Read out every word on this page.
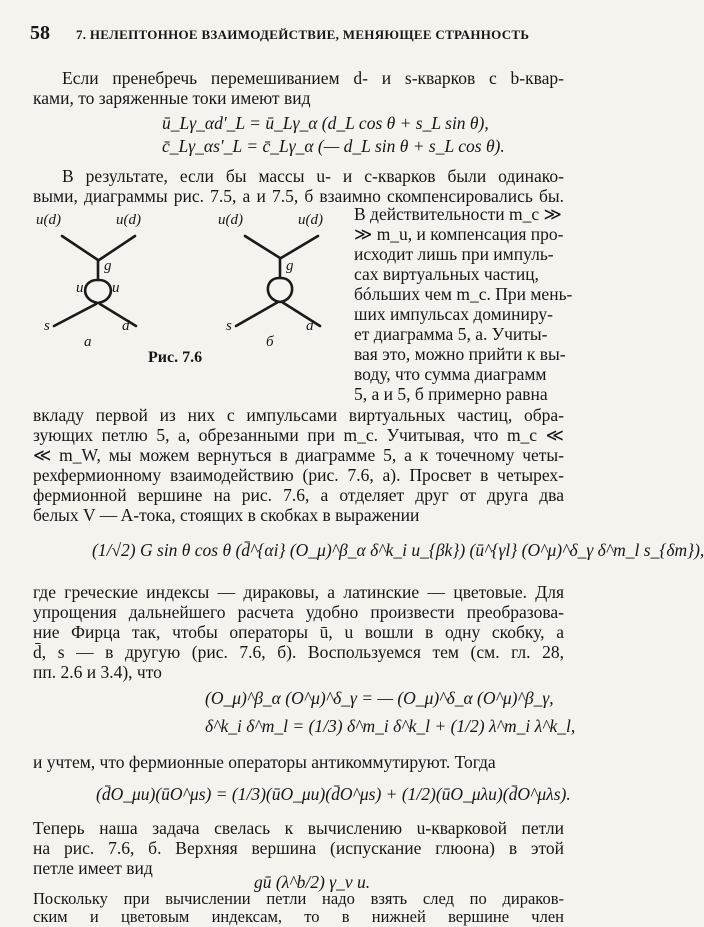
58 7. НЕЛЕПТОННОЕ ВЗАИМОДЕЙСТВИЕ, МЕНЯЮЩЕЕ СТРАННОСТЬ
Если пренебречь перемешиванием d- и s-кварков с b-квар-
ками, то заряженные токи имеют вид
ū_Lγ_αd′_L = ū_Lγ_α (d_L cos θ + s_L sin θ),
c̄_Lγ_αs′_L = c̄_Lγ_α (— d_L sin θ + s_L cos θ).
В результате, если бы массы u- и c-кварков были одинако-
выми, диаграммы рис. 7.5, а и 7.5, б взаимно скомпенсировались бы.
u(d)	u(d)
g
u u
s	d
а
u(d)	u(d)
g
s	d
б
Рис. 7.6
В действительности m_c ≫
≫ m_u, и компенсация про-
исходит лишь при импуль-
сах виртуальных частиц,
бóльших чем m_c. При мень-
ших импульсах доминиру-
ет диаграмма 5, а. Учиты-
вая это, можно прийти к вы-
воду, что сумма диаграмм
5, а и 5, б примерно равна
вкладу первой из них с импульсами виртуальных частиц, обра-
зующих петлю 5, а, обрезанными при m_c. Учитывая, что m_c ≪
≪ m_W, мы можем вернуться в диаграмме 5, а к точечному четы-
рехфермионному взаимодействию (рис. 7.6, а). Просвет в четырех-
фермионной вершине на рис. 7.6, а отделяет друг от друга два
белых V — A-тока, стоящих в скобках в выражении
(1/√2) G sin θ cos θ (d̄^{αi} (O_μ)^β_α δ^k_i u_{βk}) (ū^{γl} (O^μ)^δ_γ δ^m_l s_{δm}),
где греческие индексы — дираковы, а латинские — цветовые. Для
упрощения дальнейшего расчета удобно произвести преобразова-
ние Фирца так, чтобы операторы ū, u вошли в одну скобку, а
d̄, s — в другую (рис. 7.6, б). Воспользуемся тем (см. гл. 28,
пп. 2.6 и 3.4), что
(O_μ)^β_α (O^μ)^δ_γ = — (O_μ)^δ_α (O^μ)^β_γ,
δ^k_i δ^m_l = (1/3) δ^m_i δ^k_l + (1/2) λ^m_i λ^k_l,
и учтем, что фермионные операторы антикоммутируют. Тогда
(d̄O_μu)(ūO^μs) = (1/3)(ūO_μu)(d̄O^μs) + (1/2)(ūO_μλu)(d̄O^μλs).
Теперь наша задача свелась к вычислению u-кварковой петли
на рис. 7.6, б. Верхняя вершина (испускание глюона) в этой
петле имеет вид
gū (λ^b/2) γ_ν u.
Поскольку при вычислении петли надо взять след по дираков-
ским и цветовым индексам, то в нижней вершине член
